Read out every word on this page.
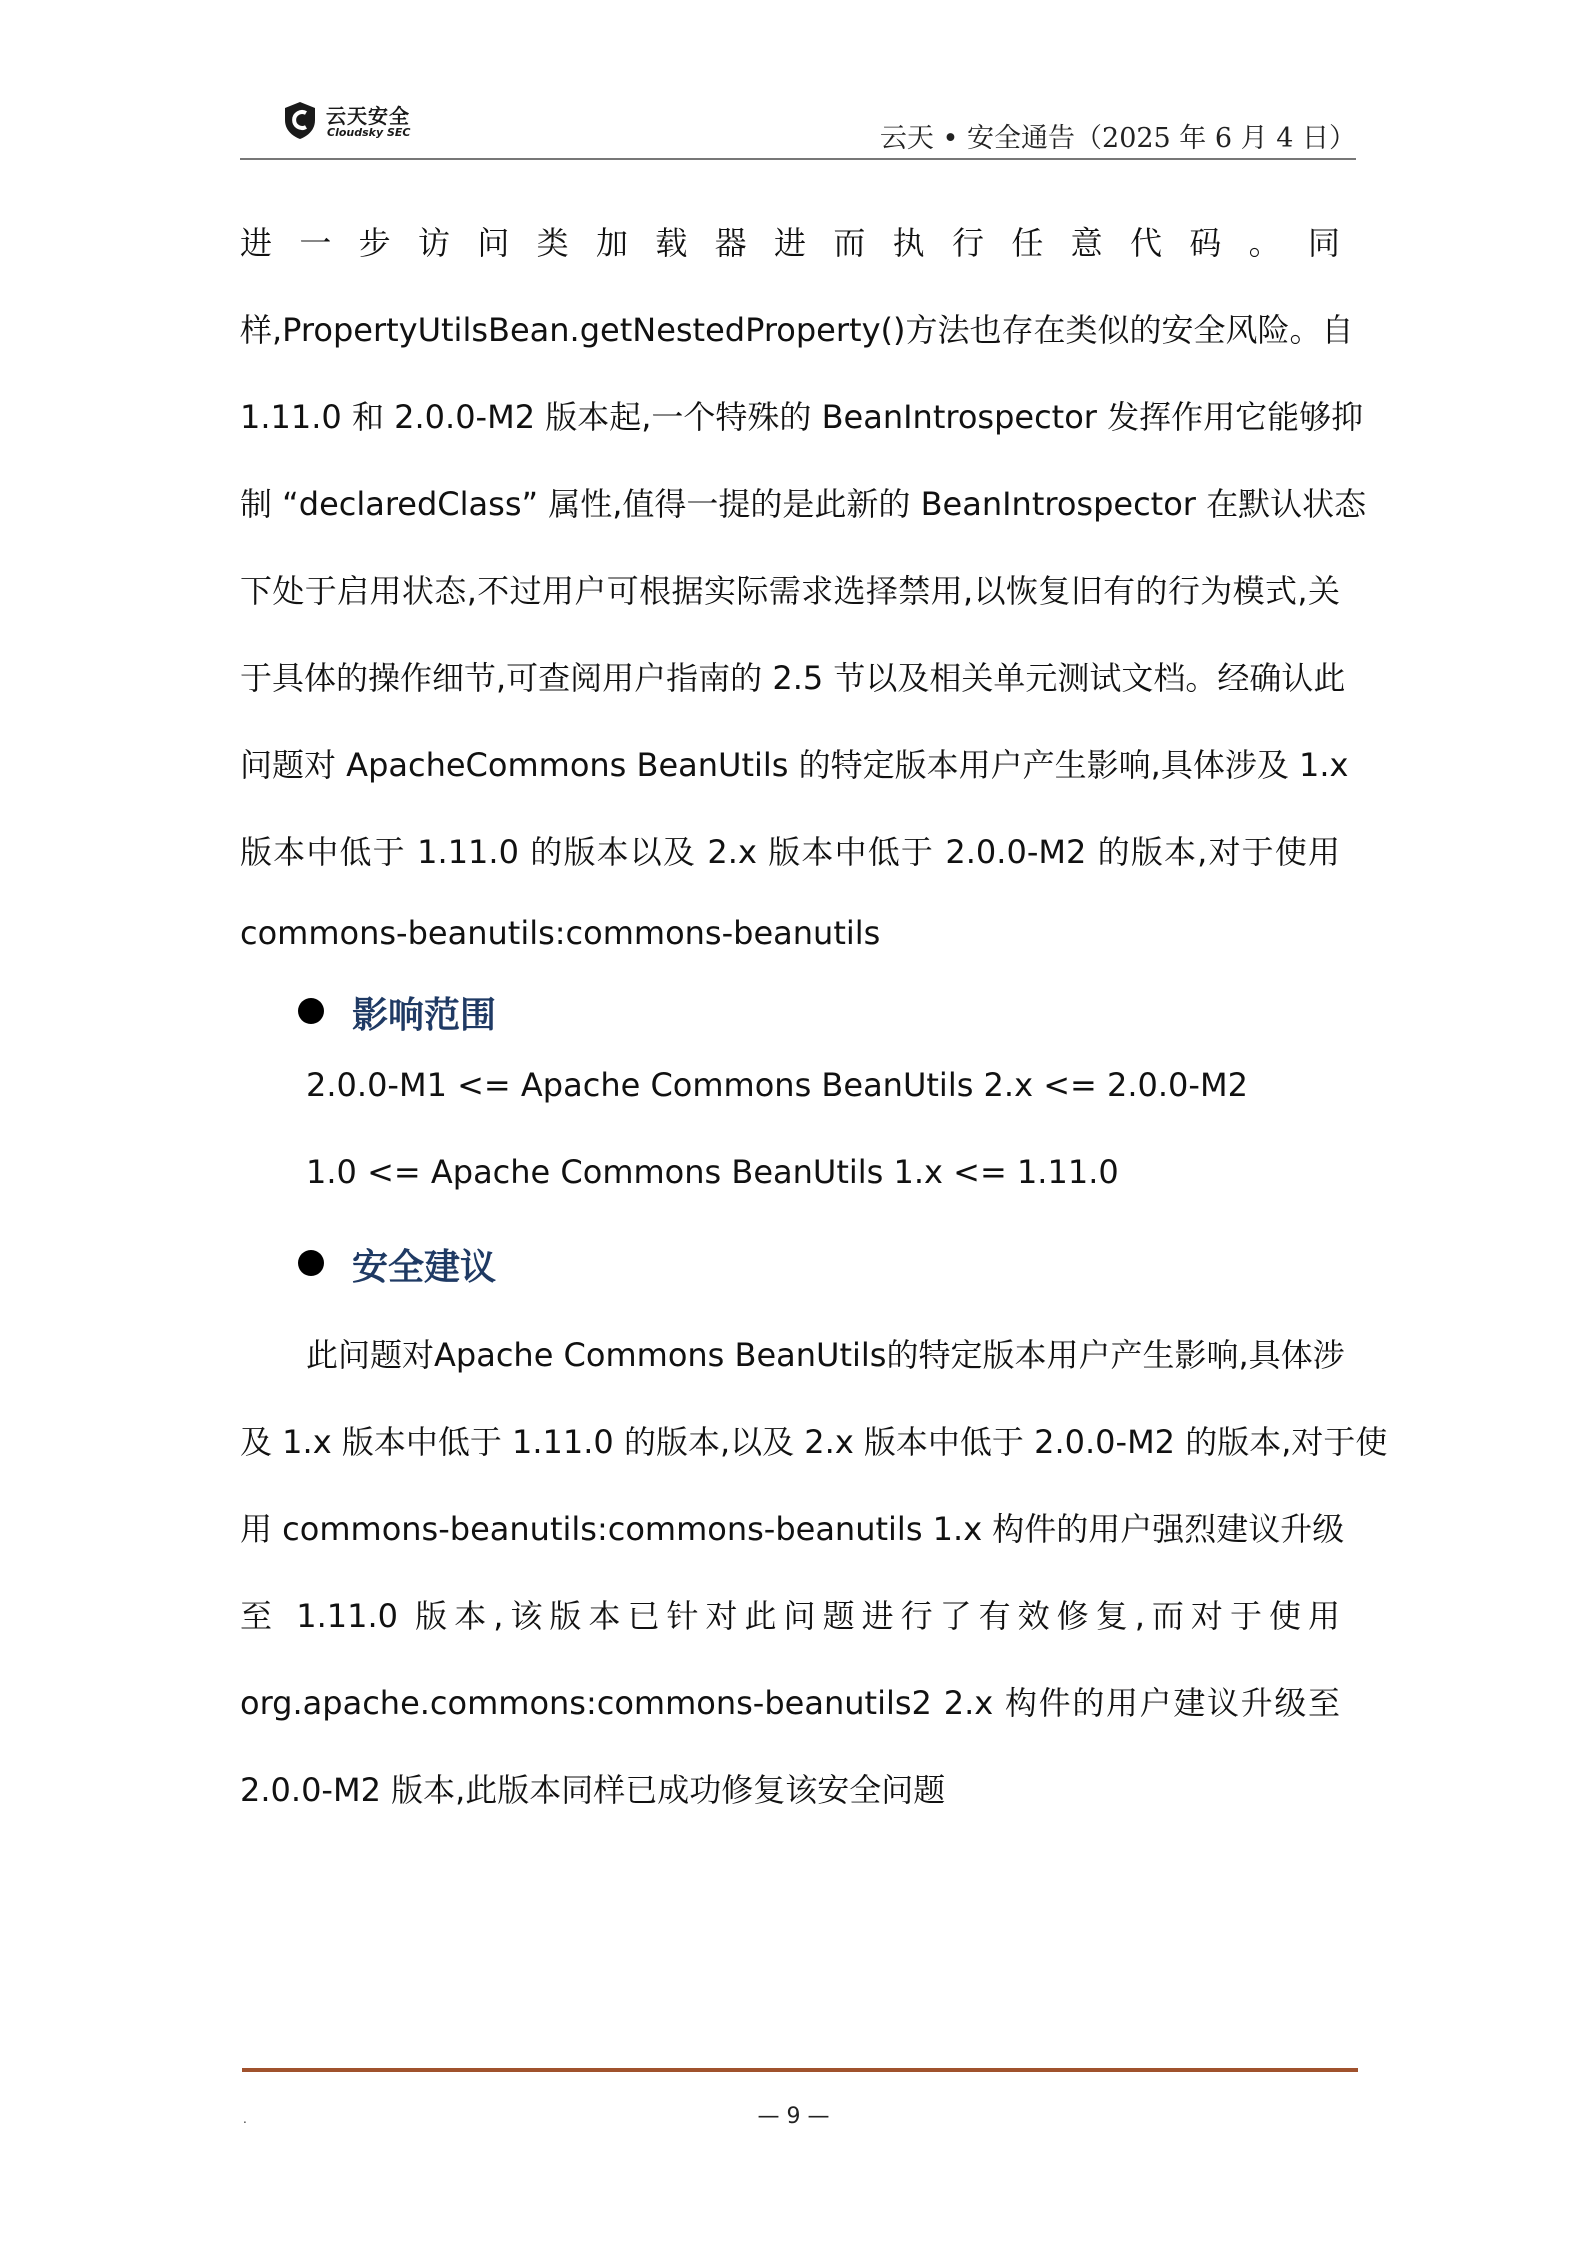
云天安全
Cloudsky SEC	云天 • 安全通告（2025 年 6 月 4 日）
进一步访问类加载器进而执行任意代码。同
样,PropertyUtilsBean.getNestedProperty()方法也存在类似的安全风险。自
1.11.0 和 2.0.0-M2 版本起,一个特殊的 BeanIntrospector 发挥作用它能够抑
制 “declaredClass” 属性,值得一提的是此新的 BeanIntrospector 在默认状态
下处于启用状态,不过用户可根据实际需求选择禁用,以恢复旧有的行为模式,关
于具体的操作细节,可查阅用户指南的 2.5 节以及相关单元测试文档。经确认此
问题对 ApacheCommons BeanUtils 的特定版本用户产生影响,具体涉及 1.x
版本中低于 1.11.0 的版本以及 2.x 版本中低于 2.0.0-M2 的版本,对于使用
commons-beanutils:commons-beanutils
影响范围
2.0.0-M1 <= Apache Commons BeanUtils 2.x <= 2.0.0-M2
1.0 <= Apache Commons BeanUtils 1.x <= 1.11.0
安全建议
此问题对Apache Commons BeanUtils的特定版本用户产生影响,具体涉
及 1.x 版本中低于 1.11.0 的版本,以及 2.x 版本中低于 2.0.0-M2 的版本,对于使
用 commons-beanutils:commons-beanutils 1.x 构件的用户强烈建议升级
至 1.11.0 版本,该版本已针对此问题进行了有效修复,而对于使用
org.apache.commons:commons-beanutils2 2.x 构件的用户建议升级至
2.0.0-M2 版本,此版本同样已成功修复该安全问题
.	— 9 —
